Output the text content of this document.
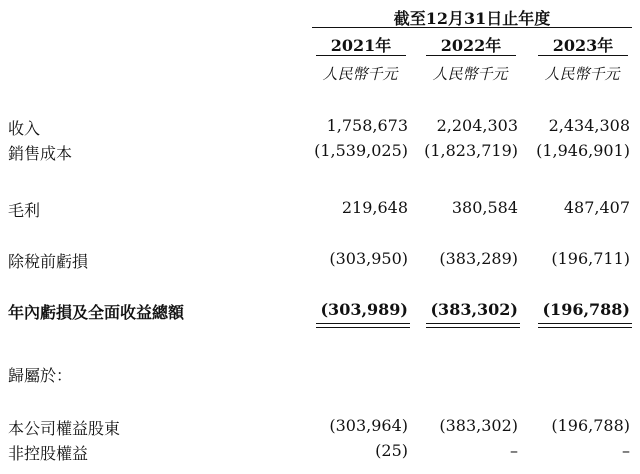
截至12月31日止年度
2021年	2022年	2023年
人民幣千元	人民幣千元	人民幣千元
收入	1,758,673	2,204,303	2,434,308
銷售成本	(1,539,025)	(1,823,719)	(1,946,901)
毛利	219,648	380,584	487,407
除稅前虧損	(303,950)	(383,289)	(196,711)
年內虧損及全面收益總額	(303,989)	(383,302)	(196,788)
歸屬於：
本公司權益股東	(303,964)	(383,302)	(196,788)
非控股權益	(25)	–	–
